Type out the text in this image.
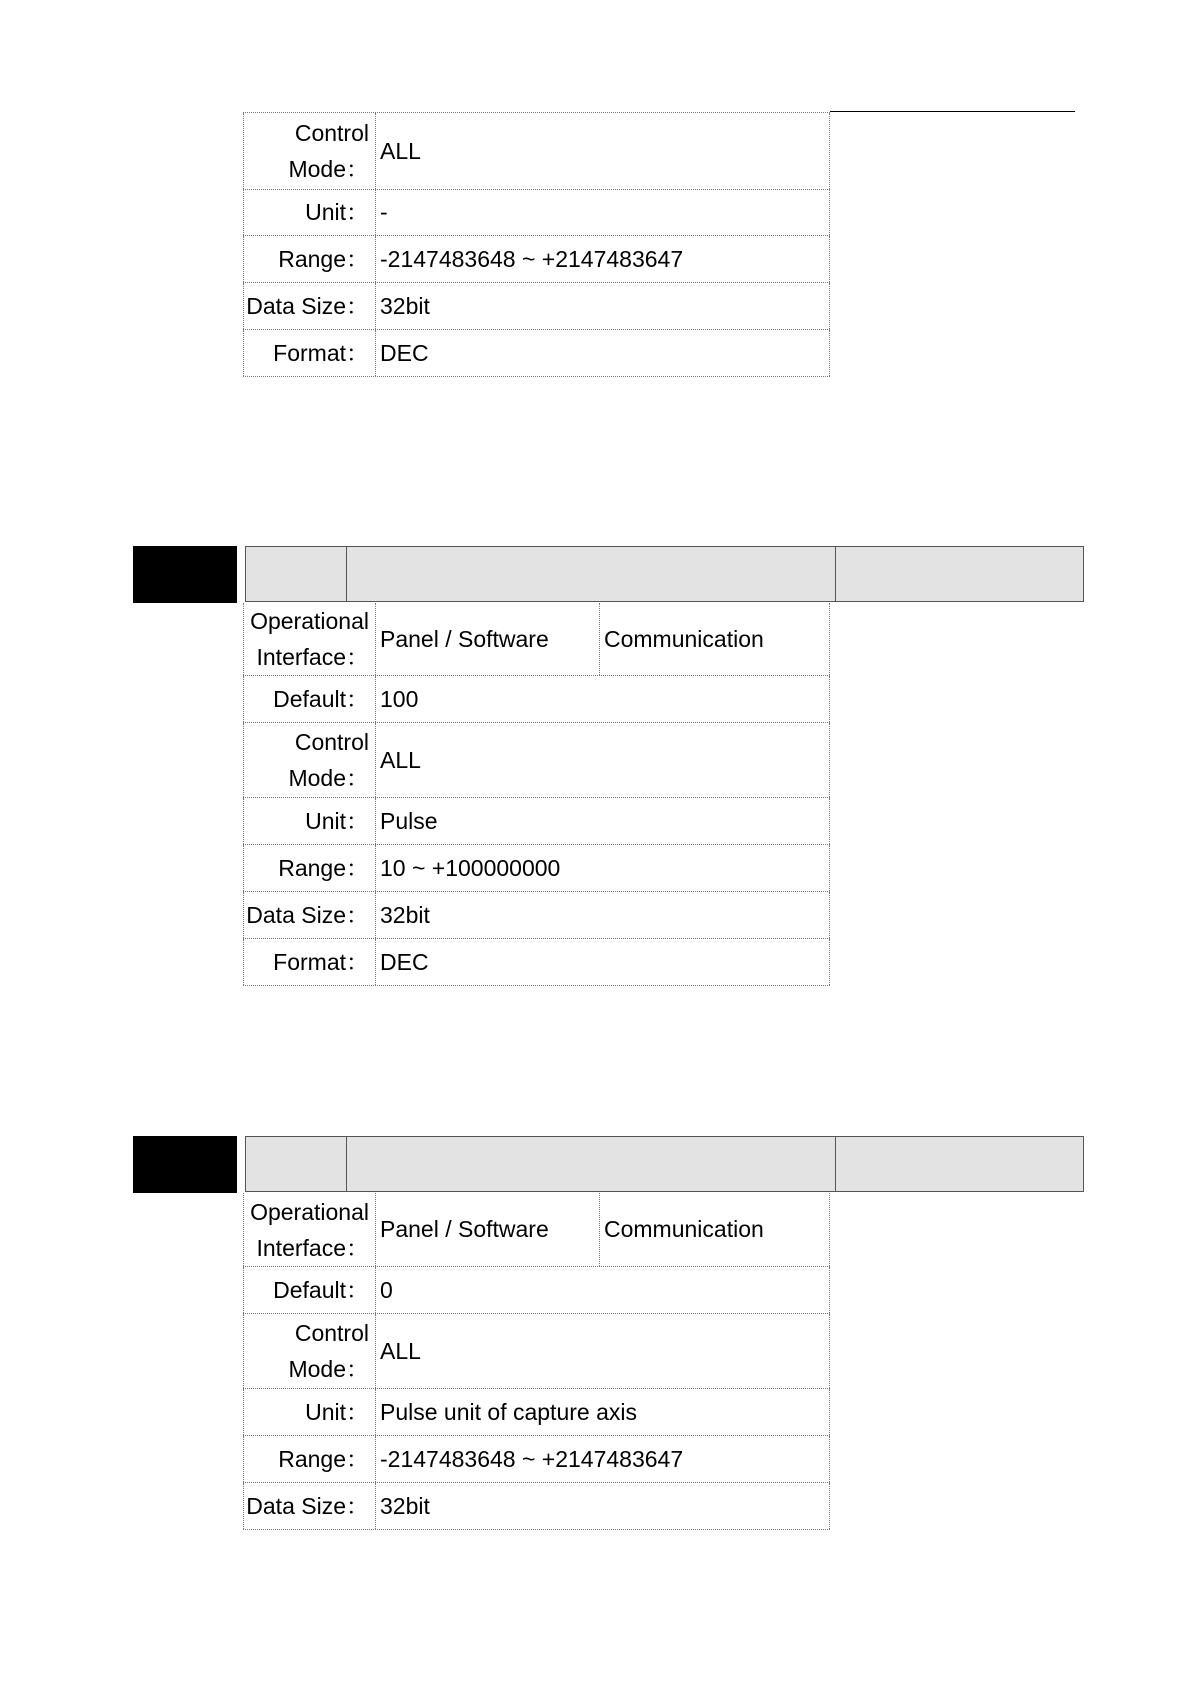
Control
Mode：
ALL
Unit： -
Range： -2147483648 ~ +2147483647
Data Size： 32bit
Format： DEC
Operational
Interface：
Panel / Software	Communication
Default： 100
Control
Mode：
ALL
Unit： Pulse
Range： 10 ~ +100000000
Data Size： 32bit
Format： DEC
Operational
Interface：
Panel / Software	Communication
Default： 0
Control
Mode：
ALL
Unit： Pulse unit of capture axis
Range： -2147483648 ~ +2147483647
Data Size： 32bit
